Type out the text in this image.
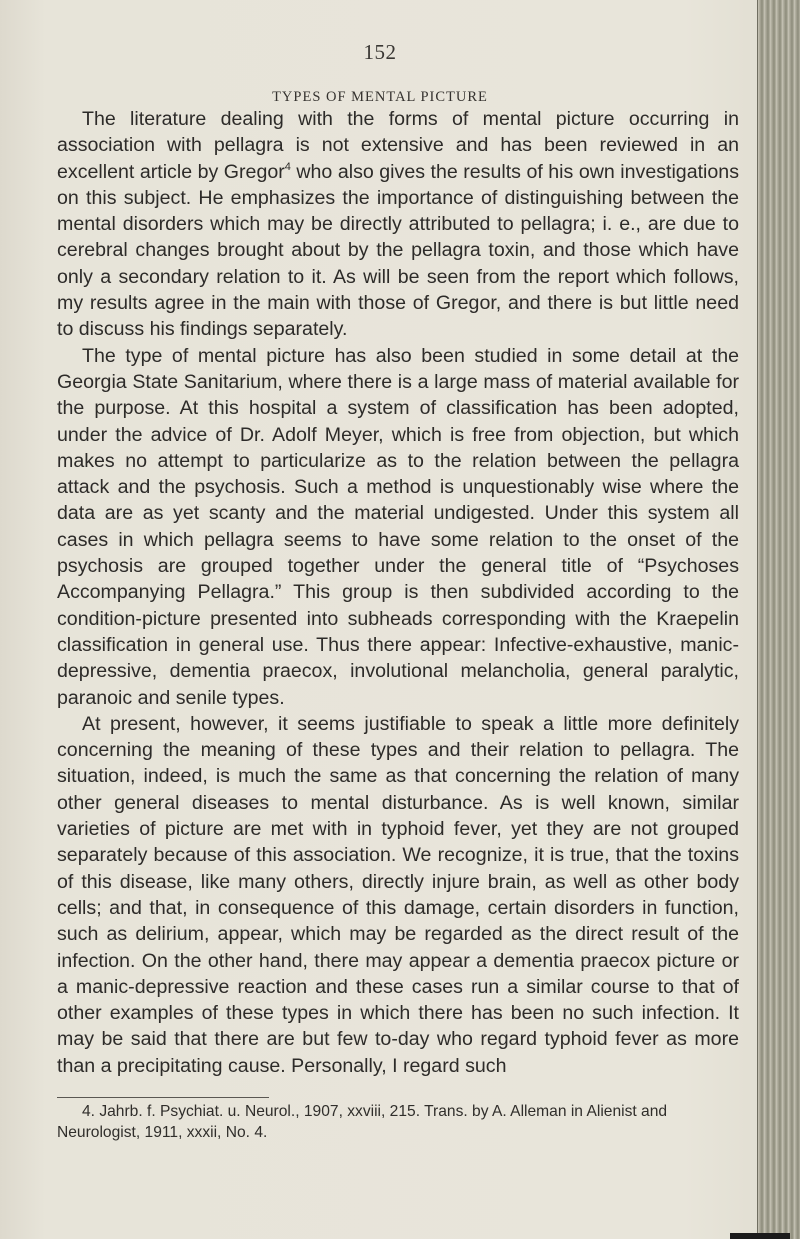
152
TYPES OF MENTAL PICTURE

The literature dealing with the forms of mental picture occurring in association with pellagra is not extensive and has been reviewed in an excellent article by Gregor$^4$ who also gives the results of his own investigations on this subject. He emphasizes the importance of distinguishing between the mental disorders which may be directly attributed to pellagra; i. e., are due to cerebral changes brought about by the pellagra toxin, and those which have only a secondary relation to it. As will be seen from the report which follows, my results agree in the main with those of Gregor, and there is but little need to discuss his findings separately.

The type of mental picture has also been studied in some detail at the Georgia State Sanitarium, where there is a large mass of material available for the purpose. At this hospital a system of classification has been adopted, under the advice of Dr. Adolf Meyer, which is free from objection, but which makes no attempt to particularize as to the relation between the pellagra attack and the psychosis. Such a method is unquestionably wise where the data are as yet scanty and the material undigested. Under this system all cases in which pellagra seems to have some relation to the onset of the psychosis are grouped together under the general title of “Psychoses Accompanying Pellagra.” This group is then subdivided according to the condition-picture presented into subheads corresponding with the Kraepelin classification in general use. Thus there appear: Infective-exhaustive, manic-depressive, dementia praecox, involutional melancholia, general paralytic, paranoic and senile types.

At present, however, it seems justifiable to speak a little more definitely concerning the meaning of these types and their relation to pellagra. The situation, indeed, is much the same as that concerning the relation of many other general diseases to mental disturbance. As is well known, similar varieties of picture are met with in typhoid fever, yet they are not grouped separately because of this association. We recognize, it is true, that the toxins of this disease, like many others, directly injure brain, as well as other body cells; and that, in consequence of this damage, certain disorders in function, such as delirium, appear, which may be regarded as the direct result of the infection. On the other hand, there may appear a dementia praecox picture or a manic-depressive reaction and these cases run a similar course to that of other examples of these types in which there has been no such infection. It may be said that there are but few to-day who regard typhoid fever as more than a precipitating cause. Personally, I regard such

4. Jahrb. f. Psychiat. u. Neurol., 1907, xxviii, 215. Trans. by A. Alleman in Alienist and Neurologist, 1911, xxxii, No. 4.
